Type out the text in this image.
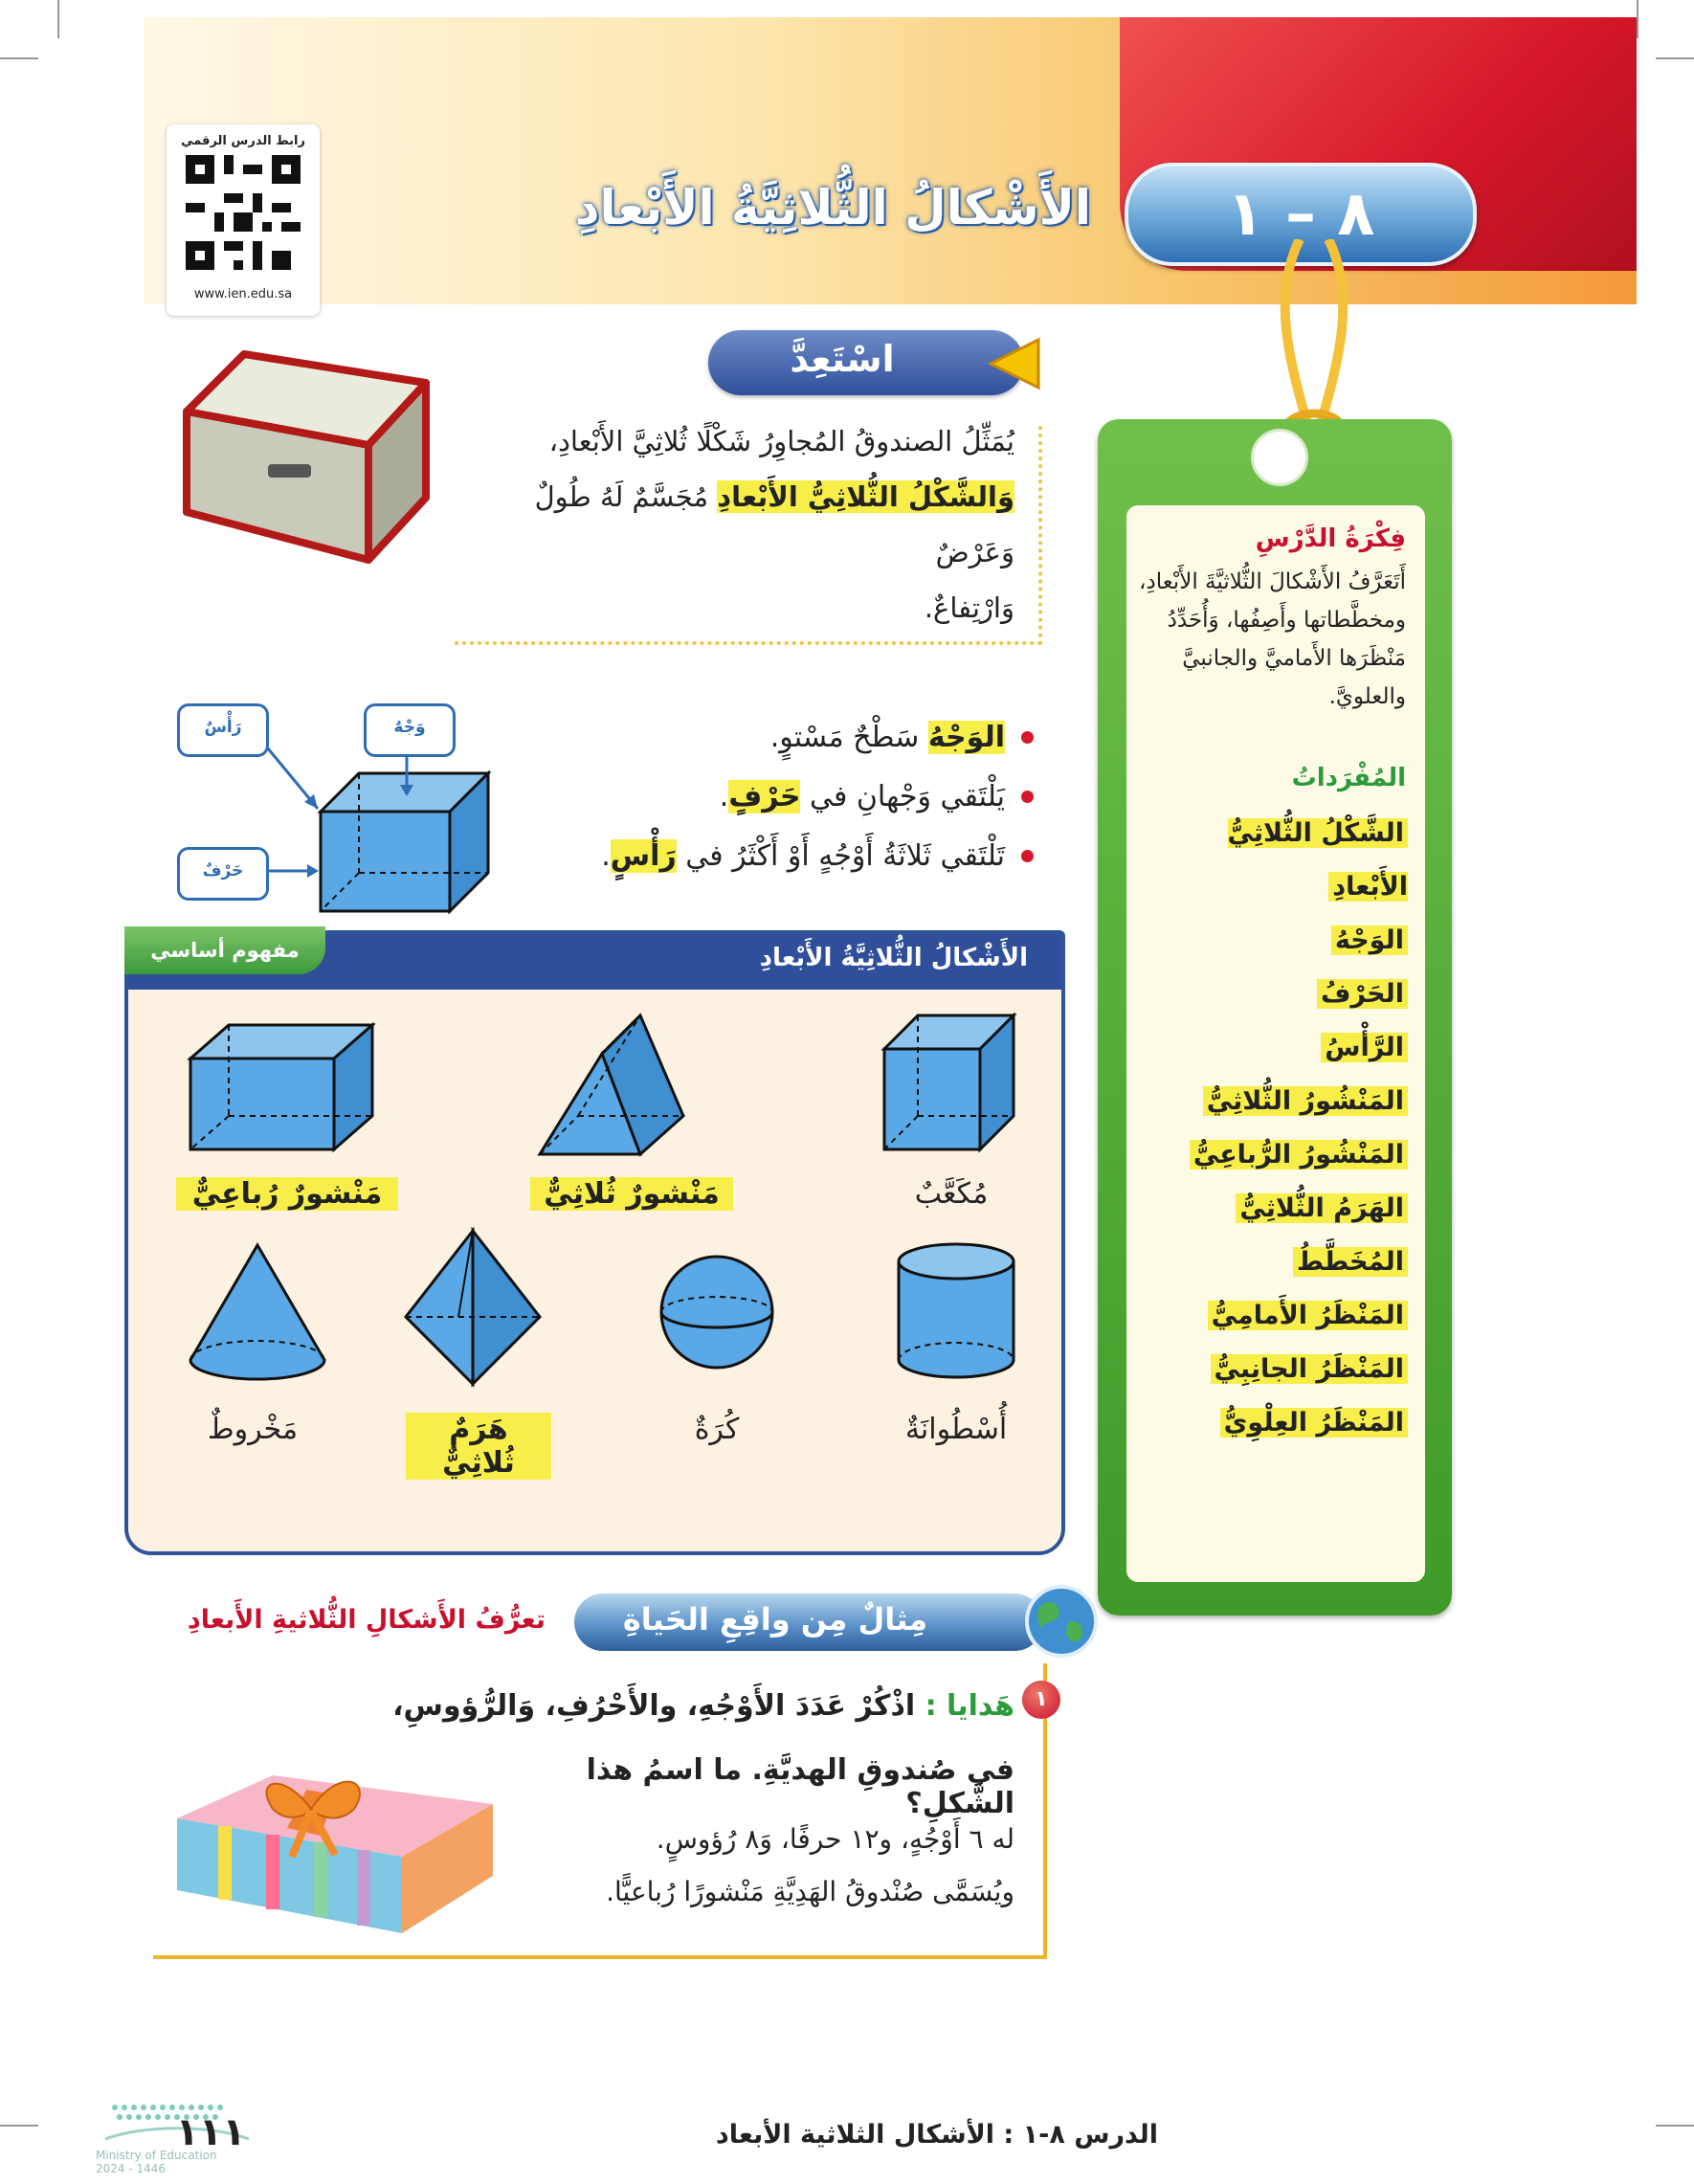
رابط الدرس الرقمي
www.ien.edu.sa
الأَشْكالُ الثُّلاثِيَّةُ الأَبْعادِ	٨ – ١
اسْتَعِدَّ
يُمَثِّلُ الصندوقُ المُجاوِرُ شَكْلًا ثُلاثِيَّ الأَبْعادِ،
وَالشَّكْلُ الثُّلاثِيُّ الأَبْعادِ مُجَسَّمٌ لَهُ طُولٌ وَعَرْضٌ
وَارْتِفاعٌ.
الوَجْهُ سَطْحٌ مَسْتوٍ.
يَلْتَقي وَجْهانِ في حَرْفٍ.
تَلْتَقي ثَلاثَةُ أَوْجُهٍ أَوْ أَكْثَرُ في رَأْسٍ.
رَأْسٌ	وَجْهٌ
حَرْفٌ
الأَشْكالُ الثُّلاثِيَّةُ الأَبْعادِ
مفهوم أساسي
مَنْشورٌ رُباعِيٌّ	مَنْشورٌ ثُلاثِيٌّ	مُكَعَّبٌ
مَخْروطٌ	هَرَمٌ ثُلاثِيٌّ
كُرَةٌ	أُسْطُوانَةٌ
مِثالٌ مِن واقِعِ الحَياةِ
تعرُّفُ الأَشكالِ الثُّلاثيةِ الأَبعادِ
١
هَدايا : اذْكُرْ عَدَدَ الأَوْجُهِ، والأَحْرُفِ، وَالرُّؤوسِ،
في صُندوقِ الهديَّةِ. ما اسمُ هذا الشَّكلِ؟
له ٦ أَوْجُهٍ، و١٢ حرفًا، وَ٨ رُؤوسٍ.
ويُسَمَّى صُنْدوقُ الهَدِيَّةِ مَنْشورًا رُباعيًّا.
فِكْرَةُ الدَّرْسِ
أَتَعَرَّفُ الأَشْكالَ الثُّلاثيَّةَ الأَبْعادِ، ومخطَّطاتها وأَصِفُها، وَأُحَدِّدُ مَنْظَرَها الأَماميَّ والجانبيَّ والعلويَّ.
المُفْرَداتُ
الشَّكْلُ الثُّلاثِيُّ الأَبْعادِ
الوَجْهُ
الحَرْفُ
الرَّأْسُ
المَنْشُورُ الثُّلاثِيُّ
المَنْشُورُ الرُّباعِيُّ
الهَرَمُ الثُّلاثِيُّ
المُخَطَّطُ
المَنْظَرُ الأَمامِيُّ
المَنْظَرُ الجانِبِيُّ
المَنْظَرُ العِلْوِيُّ
Ministry of Education
2024 - 1446
١١١	الدرس ٨-١ : الأشكال الثلاثية الأبعاد
